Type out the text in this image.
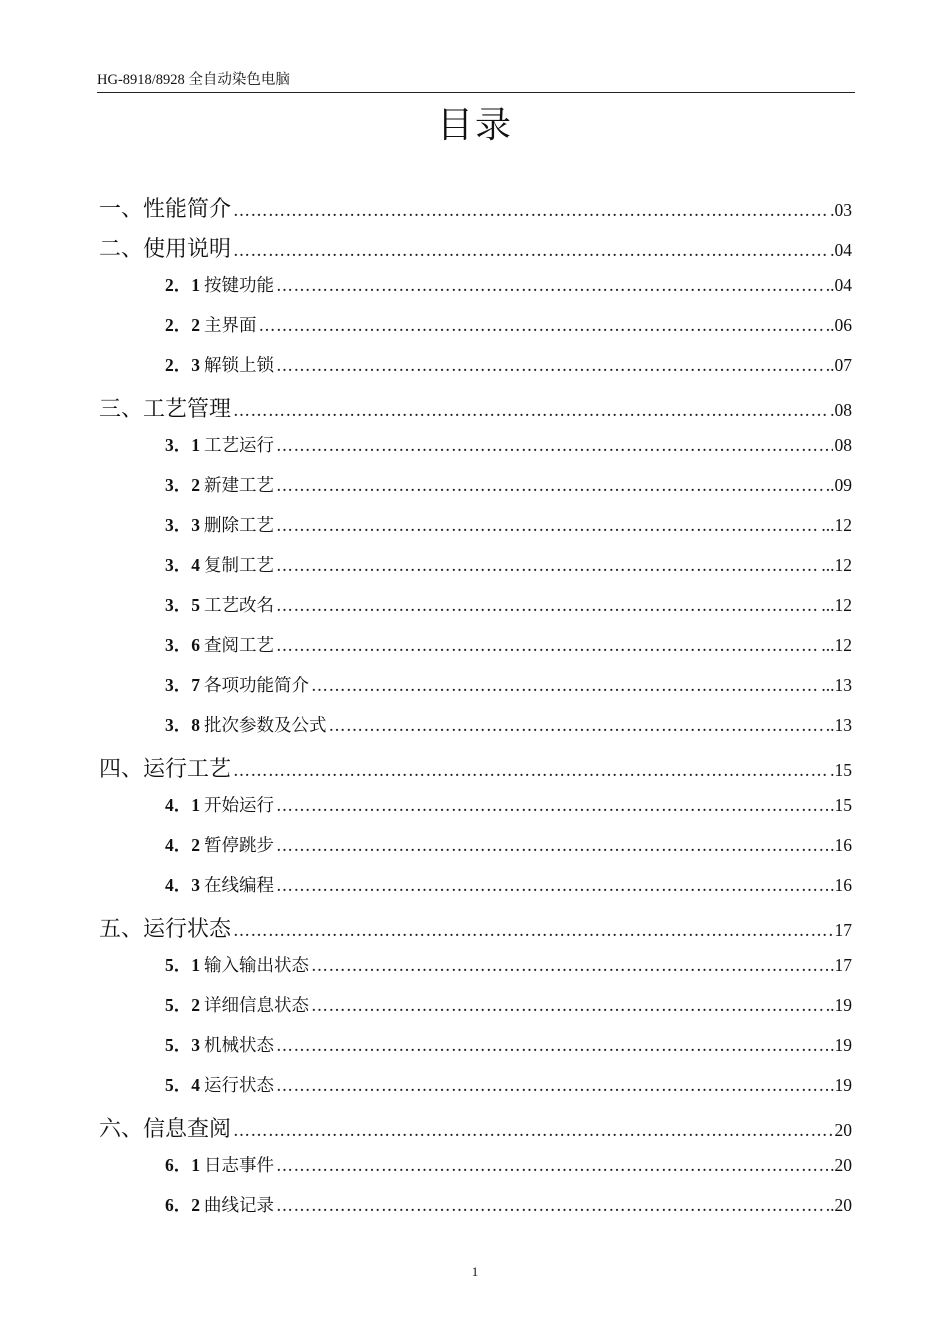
HG-8918/8928 全自动染色电脑
目录
一、性能简介 …………………………………………………………………………………………………………………………………………………………………………	.03
二、使用说明 …………………………………………………………………………………………………………………………………………………………………………	.04
2．1 按键功能 …………………………………………………………………………………………………………………………………………………………………………	..04
2．2 主界面 …………………………………………………………………………………………………………………………………………………………………………	..06
2．3 解锁上锁 …………………………………………………………………………………………………………………………………………………………………………	..07
三、工艺管理 …………………………………………………………………………………………………………………………………………………………………………	.08
3．1 工艺运行 …………………………………………………………………………………………………………………………………………………………………………	08
3．2 新建工艺 …………………………………………………………………………………………………………………………………………………………………………	..09
3．3 删除工艺 …………………………………………………………………………………………………………………………………………………………………………	...12
3．4 复制工艺 …………………………………………………………………………………………………………………………………………………………………………	...12
3．5 工艺改名 …………………………………………………………………………………………………………………………………………………………………………	...12
3．6 查阅工艺 …………………………………………………………………………………………………………………………………………………………………………	...12
3．7 各项功能简介 …………………………………………………………………………………………………………………………………………………………………………	...13
3．8 批次参数及公式 …………………………………………………………………………………………………………………………………………………………………………	..13
四、运行工艺 …………………………………………………………………………………………………………………………………………………………………………	.15
4．1 开始运行 …………………………………………………………………………………………………………………………………………………………………………	.15
4．2 暂停跳步 …………………………………………………………………………………………………………………………………………………………………………	.16
4．3 在线编程 …………………………………………………………………………………………………………………………………………………………………………	.16
五、运行状态 …………………………………………………………………………………………………………………………………………………………………………	17
5．1 输入输出状态 …………………………………………………………………………………………………………………………………………………………………………	.17
5．2 详细信息状态 …………………………………………………………………………………………………………………………………………………………………………	..19
5．3 机械状态 …………………………………………………………………………………………………………………………………………………………………………	.19
5．4 运行状态 …………………………………………………………………………………………………………………………………………………………………………	.19
六、信息查阅 …………………………………………………………………………………………………………………………………………………………………………	20
6．1 日志事件 …………………………………………………………………………………………………………………………………………………………………………	.20
6．2 曲线记录 …………………………………………………………………………………………………………………………………………………………………………	..20
1
